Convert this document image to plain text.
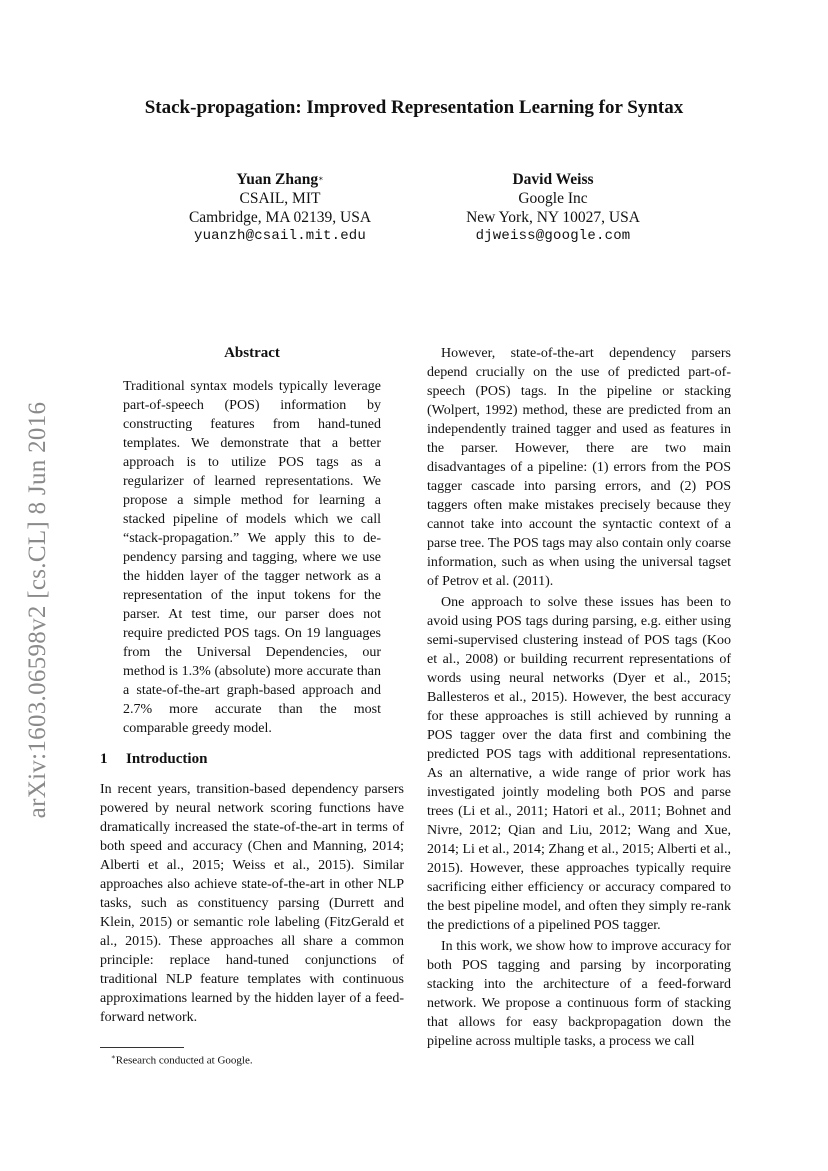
Stack-propagation: Improved Representation Learning for Syntax
Yuan Zhang∗
CSAIL, MIT
Cambridge, MA 02139, USA
yuanzh@csail.mit.edu
David Weiss
Google Inc
New York, NY 10027, USA
djweiss@google.com
arXiv:1603.06598v2 [cs.CL] 8 Jun 2016
Abstract

Traditional syntax models typically leverage part-of-speech (POS) information by constructing features from hand-tuned templates. We demonstrate that a better approach is to utilize POS tags as a regularizer of learned representations. We propose a simple method for learning a stacked pipeline of models which we call “stack-propagation.” We apply this to dependency parsing and tagging, where we use the hidden layer of the tagger network as a representation of the input tokens for the parser. At test time, our parser does not require predicted POS tags. On 19 languages from the Universal Dependencies, our method is 1.3% (absolute) more accurate than a state-of-the-art graph-based approach and 2.7% more accurate than the most comparable greedy model.

1 Introduction

In recent years, transition-based dependency parsers powered by neural network scoring functions have dramatically increased the state-of-the-art in terms of both speed and accuracy (Chen and Manning, 2014; Alberti et al., 2015; Weiss et al., 2015). Similar approaches also achieve state-of-the-art in other NLP tasks, such as constituency parsing (Durrett and Klein, 2015) or semantic role labeling (FitzGerald et al., 2015). These approaches all share a common principle: replace hand-tuned conjunctions of traditional NLP feature templates with continuous approximations learned by the hidden layer of a feed-forward network.

However, state-of-the-art dependency parsers depend crucially on the use of predicted part-of-speech (POS) tags. In the pipeline or stacking (Wolpert, 1992) method, these are predicted from an independently trained tagger and used as features in the parser. However, there are two main disadvantages of a pipeline: (1) errors from the POS tagger cascade into parsing errors, and (2) POS taggers often make mistakes precisely because they cannot take into account the syntactic context of a parse tree. The POS tags may also contain only coarse information, such as when using the universal tagset of Petrov et al. (2011).

One approach to solve these issues has been to avoid using POS tags during parsing, e.g. either using semi-supervised clustering instead of POS tags (Koo et al., 2008) or building recurrent representations of words using neural networks (Dyer et al., 2015; Ballesteros et al., 2015). However, the best accuracy for these approaches is still achieved by running a POS tagger over the data first and combining the predicted POS tags with additional representations. As an alternative, a wide range of prior work has investigated jointly modeling both POS and parse trees (Li et al., 2011; Hatori et al., 2011; Bohnet and Nivre, 2012; Qian and Liu, 2012; Wang and Xue, 2014; Li et al., 2014; Zhang et al., 2015; Alberti et al., 2015). However, these approaches typically require sacrificing either efficiency or accuracy compared to the best pipeline model, and often they simply re-rank the predictions of a pipelined POS tagger.

In this work, we show how to improve accuracy for both POS tagging and parsing by incorporating stacking into the architecture of a feed-forward network. We propose a continuous form of stacking that allows for easy backpropagation down the pipeline across multiple tasks, a process we call

∗Research conducted at Google.
